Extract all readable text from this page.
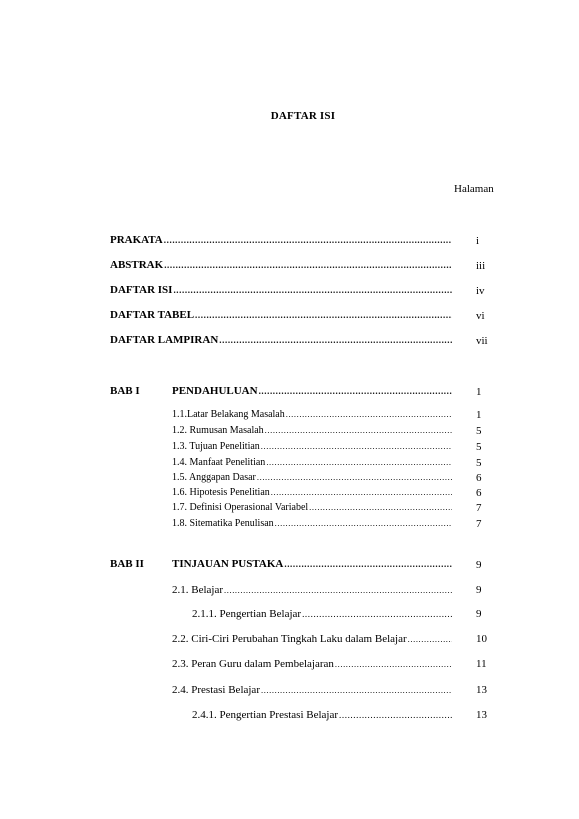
DAFTAR ISI
Halaman
PRAKATA .....	i
ABSTRAK .....	iii
DAFTAR ISI .....	iv
DAFTAR TABEL .....	vi
DAFTAR LAMPIRAN .....	vii
BAB I	PENDAHULUAN .....	1
1.1.Latar Belakang Masalah .....	1
1.2. Rumusan Masalah .....	5
1.3. Tujuan Penelitian .....	5
1.4. Manfaat Penelitian .....	5
1.5. Anggapan Dasar .....	6
1.6. Hipotesis Penelitian .....	6
1.7. Definisi Operasional Variabel .....	7
1.8. Sitematika Penulisan .....	7
BAB II	TINJAUAN PUSTAKA .....	9
2.1. Belajar .....	9
2.1.1. Pengertian Belajar .....	9
2.2. Ciri-Ciri Perubahan Tingkah Laku dalam Belajar .....	10
2.3. Peran Guru dalam Pembelajaran .....	11
2.4. Prestasi Belajar .....	13
2.4.1. Pengertian Prestasi Belajar .....	13
